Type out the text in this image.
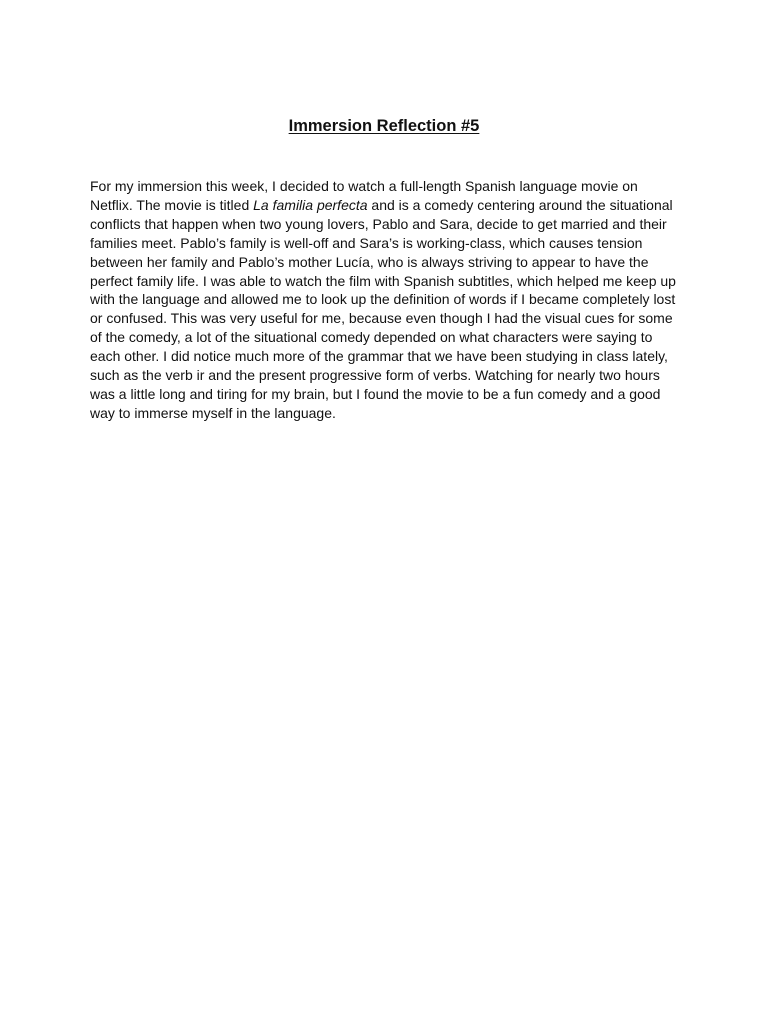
Immersion Reflection #5

For my immersion this week, I decided to watch a full-length Spanish language movie on Netflix. The movie is titled La familia perfecta and is a comedy centering around the situational conflicts that happen when two young lovers, Pablo and Sara, decide to get married and their families meet. Pablo’s family is well-off and Sara’s is working-class, which causes tension between her family and Pablo’s mother Lucía, who is always striving to appear to have the perfect family life. I was able to watch the film with Spanish subtitles, which helped me keep up with the language and allowed me to look up the definition of words if I became completely lost or confused. This was very useful for me, because even though I had the visual cues for some of the comedy, a lot of the situational comedy depended on what characters were saying to each other. I did notice much more of the grammar that we have been studying in class lately, such as the verb ir and the present progressive form of verbs. Watching for nearly two hours was a little long and tiring for my brain, but I found the movie to be a fun comedy and a good way to immerse myself in the language.
